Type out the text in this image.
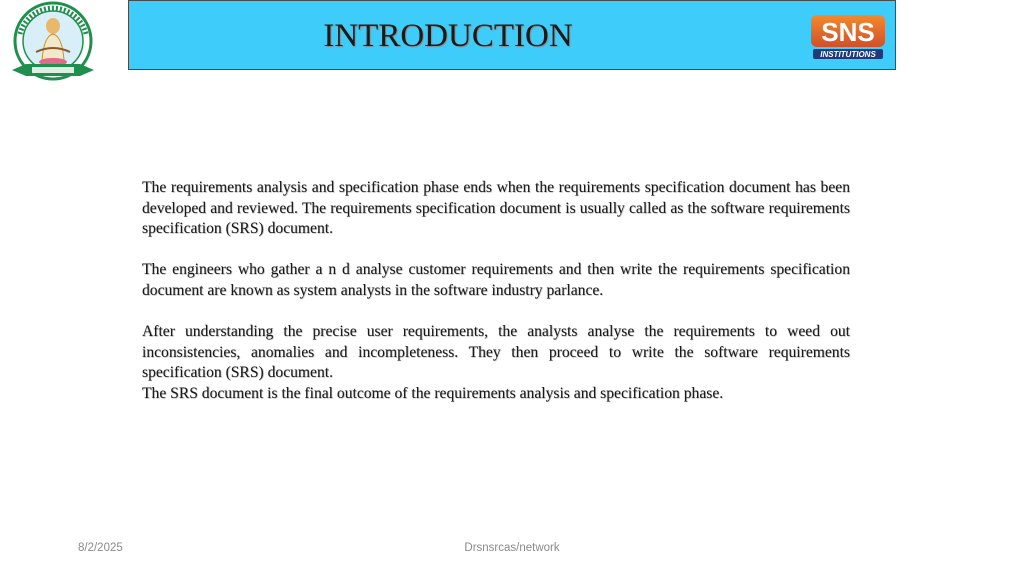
INTRODUCTION	SNS
INSTITUTIONS

The requirements analysis and specification phase ends when the requirements specification document has been developed and reviewed. The requirements specification document is usually called as the software requirements specification (SRS) document.

The engineers who gather a n d analyse customer requirements and then write the requirements specification document are known as system analysts in the software industry parlance.

After understanding the precise user requirements, the analysts analyse the requirements to weed out inconsistencies, anomalies and incompleteness. They then proceed to write the software requirements specification (SRS) document.

The SRS document is the final outcome of the requirements analysis and specification phase.

8/2/2025	Drsnsrcas/network
